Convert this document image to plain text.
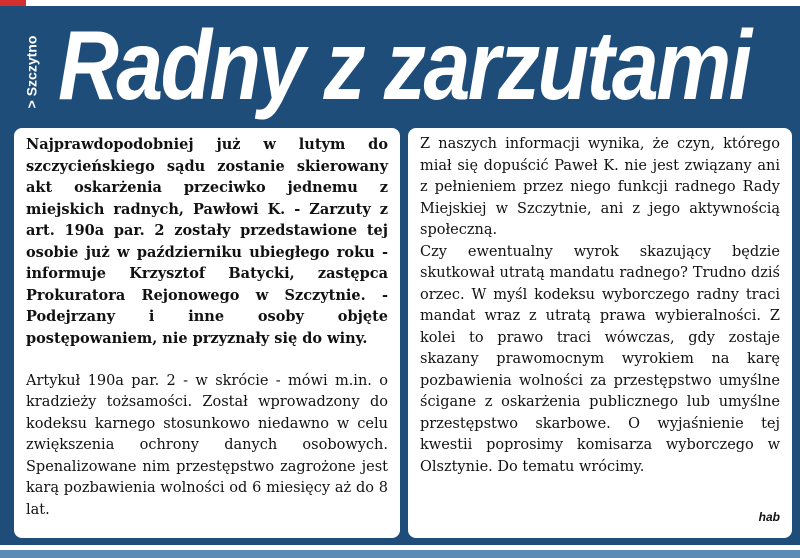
> Szczytno Radny z zarzutami

Najprawdopodobniej już w lutym do szczycieńskiego sądu zostanie skierowany akt oskarżenia przeciwko jednemu z miejskich radnych, Pawłowi K. - Zarzuty z art. 190a par. 2 zostały przedstawione tej osobie już w październiku ubiegłego roku - informuje Krzysztof Batycki, zastępca Prokuratora Rejonowego w Szczytnie. - Podejrzany i inne osoby objęte postępowaniem, nie przyznały się do winy.

Artykuł 190a par. 2 - w skrócie - mówi m.in. o kradzieży tożsamości. Został wprowadzony do kodeksu karnego stosunkowo niedawno w celu zwiększenia ochrony danych osobowych. Spenalizowane nim przestępstwo zagrożone jest karą pozbawienia wolności od 6 miesięcy aż do 8 lat.

Z naszych informacji wynika, że czyn, którego miał się dopuścić Paweł K. nie jest związany ani z pełnieniem przez niego funkcji radnego Rady Miejskiej w Szczytnie, ani z jego aktywnością społeczną.

Czy ewentualny wyrok skazujący będzie skutkował utratą mandatu radnego? Trudno dziś orzec. W myśl kodeksu wyborczego radny traci mandat wraz z utratą prawa wybieralności. Z kolei to prawo traci wówczas, gdy zostaje skazany prawomocnym wyrokiem na karę pozbawienia wolności za przestępstwo umyślne ścigane z oskarżenia publicznego lub umyślne przestępstwo skarbowe. O wyjaśnienie tej kwestii poprosimy komisarza wyborczego w Olsztynie. Do tematu wrócimy.

hab
